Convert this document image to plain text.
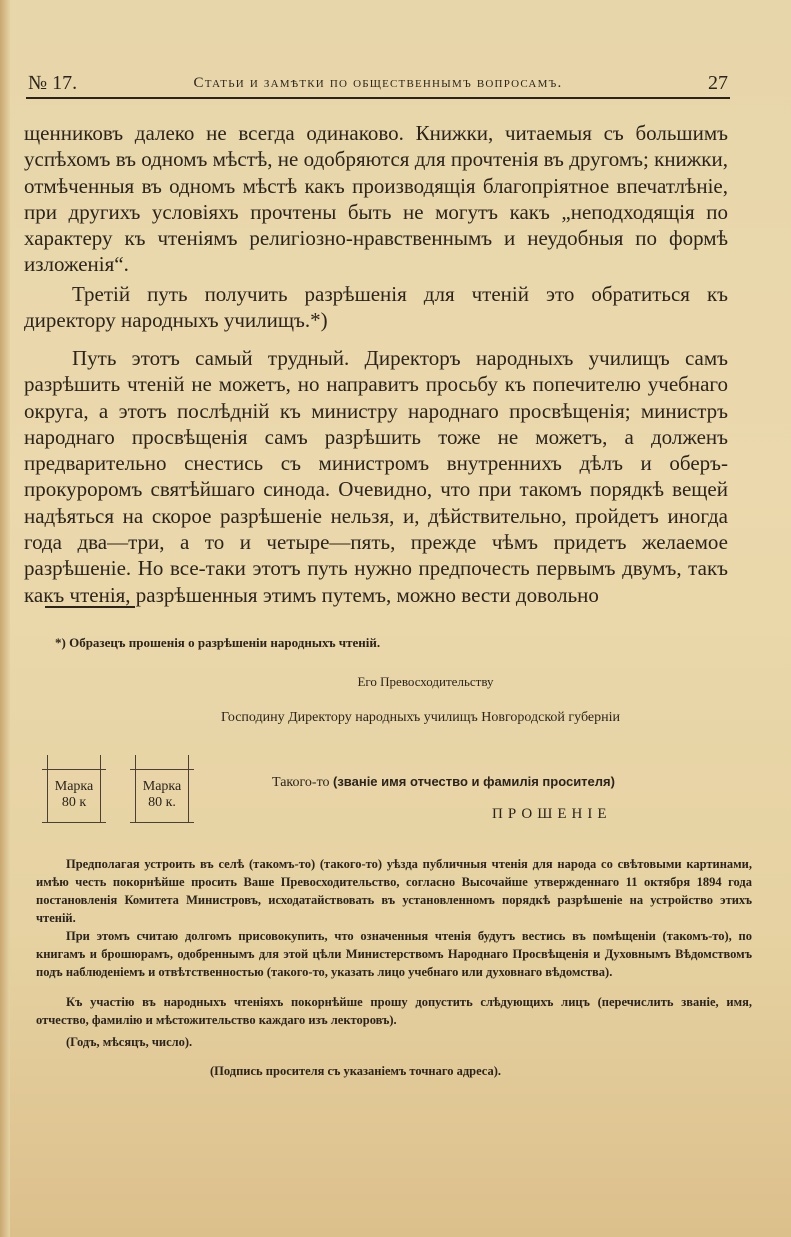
№ 17.	Статьи и замѣтки по общественнымъ вопросамъ.	27

щенниковъ далеко не всегда одинаково. Книжки, читаемыя съ большимъ успѣхомъ въ одномъ мѣстѣ, не одобряются для прочтенія въ другомъ; книжки, отмѣченныя въ одномъ мѣстѣ какъ производящія благопріятное впечатлѣніе, при другихъ условіяхъ прочтены быть не могутъ какъ „неподходящія по характеру къ чтеніямъ религіозно-нравственнымъ и неудобныя по формѣ изложенія“.

Третій путь получить разрѣшенія для чтеній это обратиться къ директору народныхъ училищъ.*)

Путь этотъ самый трудный. Директоръ народныхъ училищъ самъ разрѣшить чтеній не можетъ, но направитъ просьбу къ попечителю учебнаго округа, а этотъ послѣдній къ министру народнаго просвѣщенія; министръ народнаго просвѣщенія самъ разрѣшить тоже не можетъ, а долженъ предварительно снестись съ министромъ внутреннихъ дѣлъ и оберъ-прокуроромъ святѣйшаго синода. Очевидно, что при такомъ порядкѣ вещей надѣяться на скорое разрѣшеніе нельзя, и, дѣйствительно, пройдетъ иногда года два—три, а то и четыре—пять, прежде чѣмъ придетъ желаемое разрѣшеніе. Но все-таки этотъ путь нужно предпочесть первымъ двумъ, такъ какъ чтенія, разрѣшенныя этимъ путемъ, можно вести довольно

*) Образецъ прошенія о разрѣшеніи народныхъ чтеній.
Его Превосходительству
Господину Директору народныхъ училищъ Новгородской губерніи
Марка 80 к
Марка 80 к.
Такого-то (званіе имя отчество и фамилія просителя)
ПРОШЕНІЕ
Предполагая устроить въ селѣ (такомъ-то) (такого-то) уѣзда публичныя чтенія для народа со свѣтовыми картинами, имѣю честь покорнѣйше просить Ваше Превосходительство, согласно Высочайше утвержденнаго 11 октября 1894 года постановленія Комитета Министровъ, исходатайствовать въ установленномъ порядкѣ разрѣшеніе на устройство этихъ чтеній.
При этомъ считаю долгомъ присовокупить, что означенныя чтенія будутъ вестись въ помѣщеніи (такомъ-то), по книгамъ и брошюрамъ, одобреннымъ для этой цѣли Министерствомъ Народнаго Просвѣщенія и Духовнымъ Вѣдомствомъ подъ наблюденіемъ и отвѣтственностью (такого-то, указать лицо учебнаго или духовнаго вѣдомства).
Къ участію въ народныхъ чтеніяхъ покорнѣйше прошу допустить слѣдующихъ лицъ (перечислить званіе, имя, отчество, фамилію и мѣстожительство каждаго изъ лекторовъ).
(Годъ, мѣсяцъ, число).
(Подпись просителя съ указаніемъ точнаго адреса).
